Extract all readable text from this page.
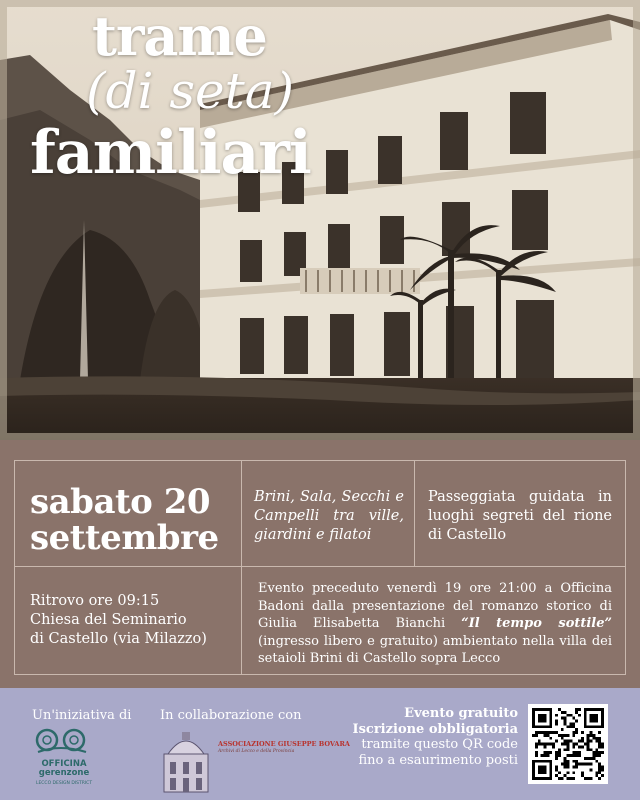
trame
(di seta)
familiari
sabato 20
settembre
Brini, Sala, Secchi e Campelli tra ville, giardini e filatoi
Passeggiata guidata in luoghi segreti del rione di Castello
Ritrovo ore 09:15
Chiesa del Seminario
di Castello (via Milazzo)
Evento preceduto venerdì 19 ore 21:00 a Officina Badoni dalla presentazione del romanzo storico di Giulia Elisabetta Bianchi “Il tempo sottile” (ingresso libero e gratuito) ambientato nella villa dei setaioli Brini di Castello sopra Lecco
Un'iniziativa di In collaborazione con
OFFICINA
gerenzone
LECCO DESIGN DISTRICT
ASSOCIAZIONE GIUSEPPE BOVARA
Archivi di Lecco e della Provincia
Evento gratuito
Iscrizione obbligatoria
tramite questo QR code
fino a esaurimento posti
